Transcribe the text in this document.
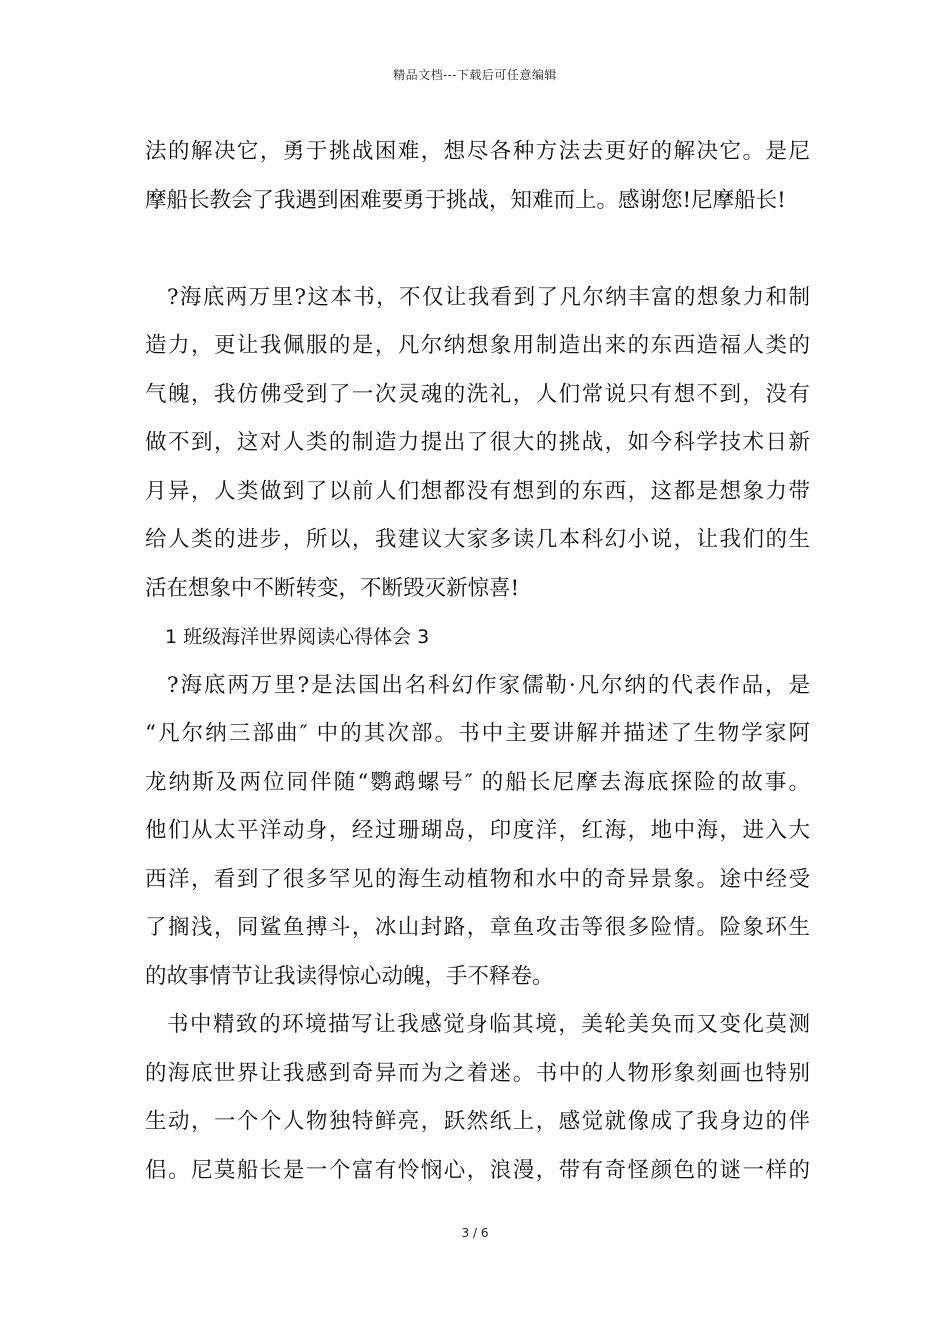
精品文档---下载后可任意编辑
法的解决它，勇于挑战困难，想尽各种方法去更好的解决它。是尼
摩船长教会了我遇到困难要勇于挑战，知难而上。感谢您!尼摩船长!
?海底两万里?这本书，不仅让我看到了凡尔纳丰富的想象力和制
造力，更让我佩服的是，凡尔纳想象用制造出来的东西造福人类的
气魄，我仿佛受到了一次灵魂的洗礼，人们常说只有想不到，没有
做不到，这对人类的制造力提出了很大的挑战，如今科学技术日新
月异，人类做到了以前人们想都没有想到的东西，这都是想象力带
给人类的进步，所以，我建议大家多读几本科幻小说，让我们的生
活在想象中不断转变，不断毁灭新惊喜!
1 班级海洋世界阅读心得体会 3
?海底两万里?是法国出名科幻作家儒勒·凡尔纳的代表作品，是
“凡尔纳三部曲″ 中的其次部。书中主要讲解并描述了生物学家阿
龙纳斯及两位同伴随“鹦鹉螺号″ 的船长尼摩去海底探险的故事。
他们从太平洋动身，经过珊瑚岛，印度洋，红海，地中海，进入大
西洋，看到了很多罕见的海生动植物和水中的奇异景象。途中经受
了搁浅，同鲨鱼搏斗，冰山封路，章鱼攻击等很多险情。险象环生
的故事情节让我读得惊心动魄，手不释卷。
书中精致的环境描写让我感觉身临其境，美轮美奂而又变化莫测
的海底世界让我感到奇异而为之着迷。书中的人物形象刻画也特别
生动，一个个人物独特鲜亮，跃然纸上，感觉就像成了我身边的伴
侣。尼莫船长是一个富有怜悯心，浪漫，带有奇怪颜色的谜一样的
3 / 6
